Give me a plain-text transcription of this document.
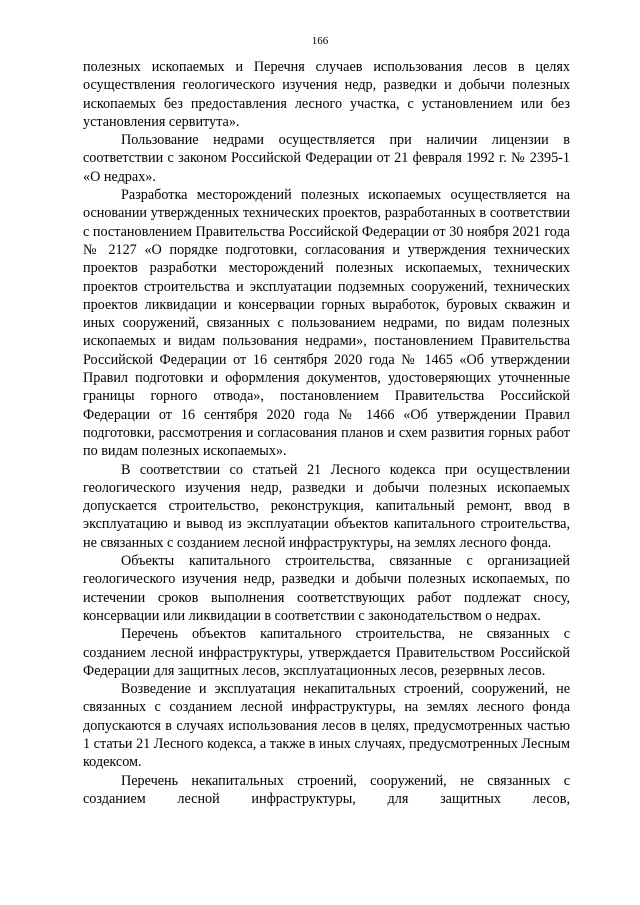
166

полезных ископаемых и Перечня случаев использования лесов в целях осуществления геологического изучения недр, разведки и добычи полезных ископаемых без предоставления лесного участка, с установлением или без установления сервитута».

Пользование недрами осуществляется при наличии лицензии в соответствии с законом Российской Федерации от 21 февраля 1992 г. № 2395-1 «О недрах».

Разработка месторождений полезных ископаемых осуществляется на основании утвержденных технических проектов, разработанных в соответствии с постановлением Правительства Российской Федерации от 30 ноября 2021 года № 2127 «О порядке подготовки, согласования и утверждения технических проектов разработки месторождений полезных ископаемых, технических проектов строительства и эксплуатации подземных сооружений, технических проектов ликвидации и консервации горных выработок, буровых скважин и иных сооружений, связанных с пользованием недрами, по видам полезных ископаемых и видам пользования недрами», постановлением Правительства Российской Федерации от 16 сентября 2020 года № 1465 «Об утверждении Правил подготовки и оформления документов, удостоверяющих уточненные границы горного отвода», постановлением Правительства Российской Федерации от 16 сентября 2020 года № 1466 «Об утверждении Правил подготовки, рассмотрения и согласования планов и схем развития горных работ по видам полезных ископаемых».

В соответствии со статьей 21 Лесного кодекса при осуществлении геологического изучения недр, разведки и добычи полезных ископаемых допускается строительство, реконструкция, капитальный ремонт, ввод в эксплуатацию и вывод из эксплуатации объектов капитального строительства, не связанных с созданием лесной инфраструктуры, на землях лесного фонда.

Объекты капитального строительства, связанные с организацией геологического изучения недр, разведки и добычи полезных ископаемых, по истечении сроков выполнения соответствующих работ подлежат сносу, консервации или ликвидации в соответствии с законодательством о недрах.

Перечень объектов капитального строительства, не связанных с созданием лесной инфраструктуры, утверждается Правительством Российской Федерации для защитных лесов, эксплуатационных лесов, резервных лесов.

Возведение и эксплуатация некапитальных строений, сооружений, не связанных с созданием лесной инфраструктуры, на землях лесного фонда допускаются в случаях использования лесов в целях, предусмотренных частью 1 статьи 21 Лесного кодекса, а также в иных случаях, предусмотренных Лесным кодексом.

Перечень некапитальных строений, сооружений, не связанных с созданием лесной инфраструктуры, для защитных лесов,
